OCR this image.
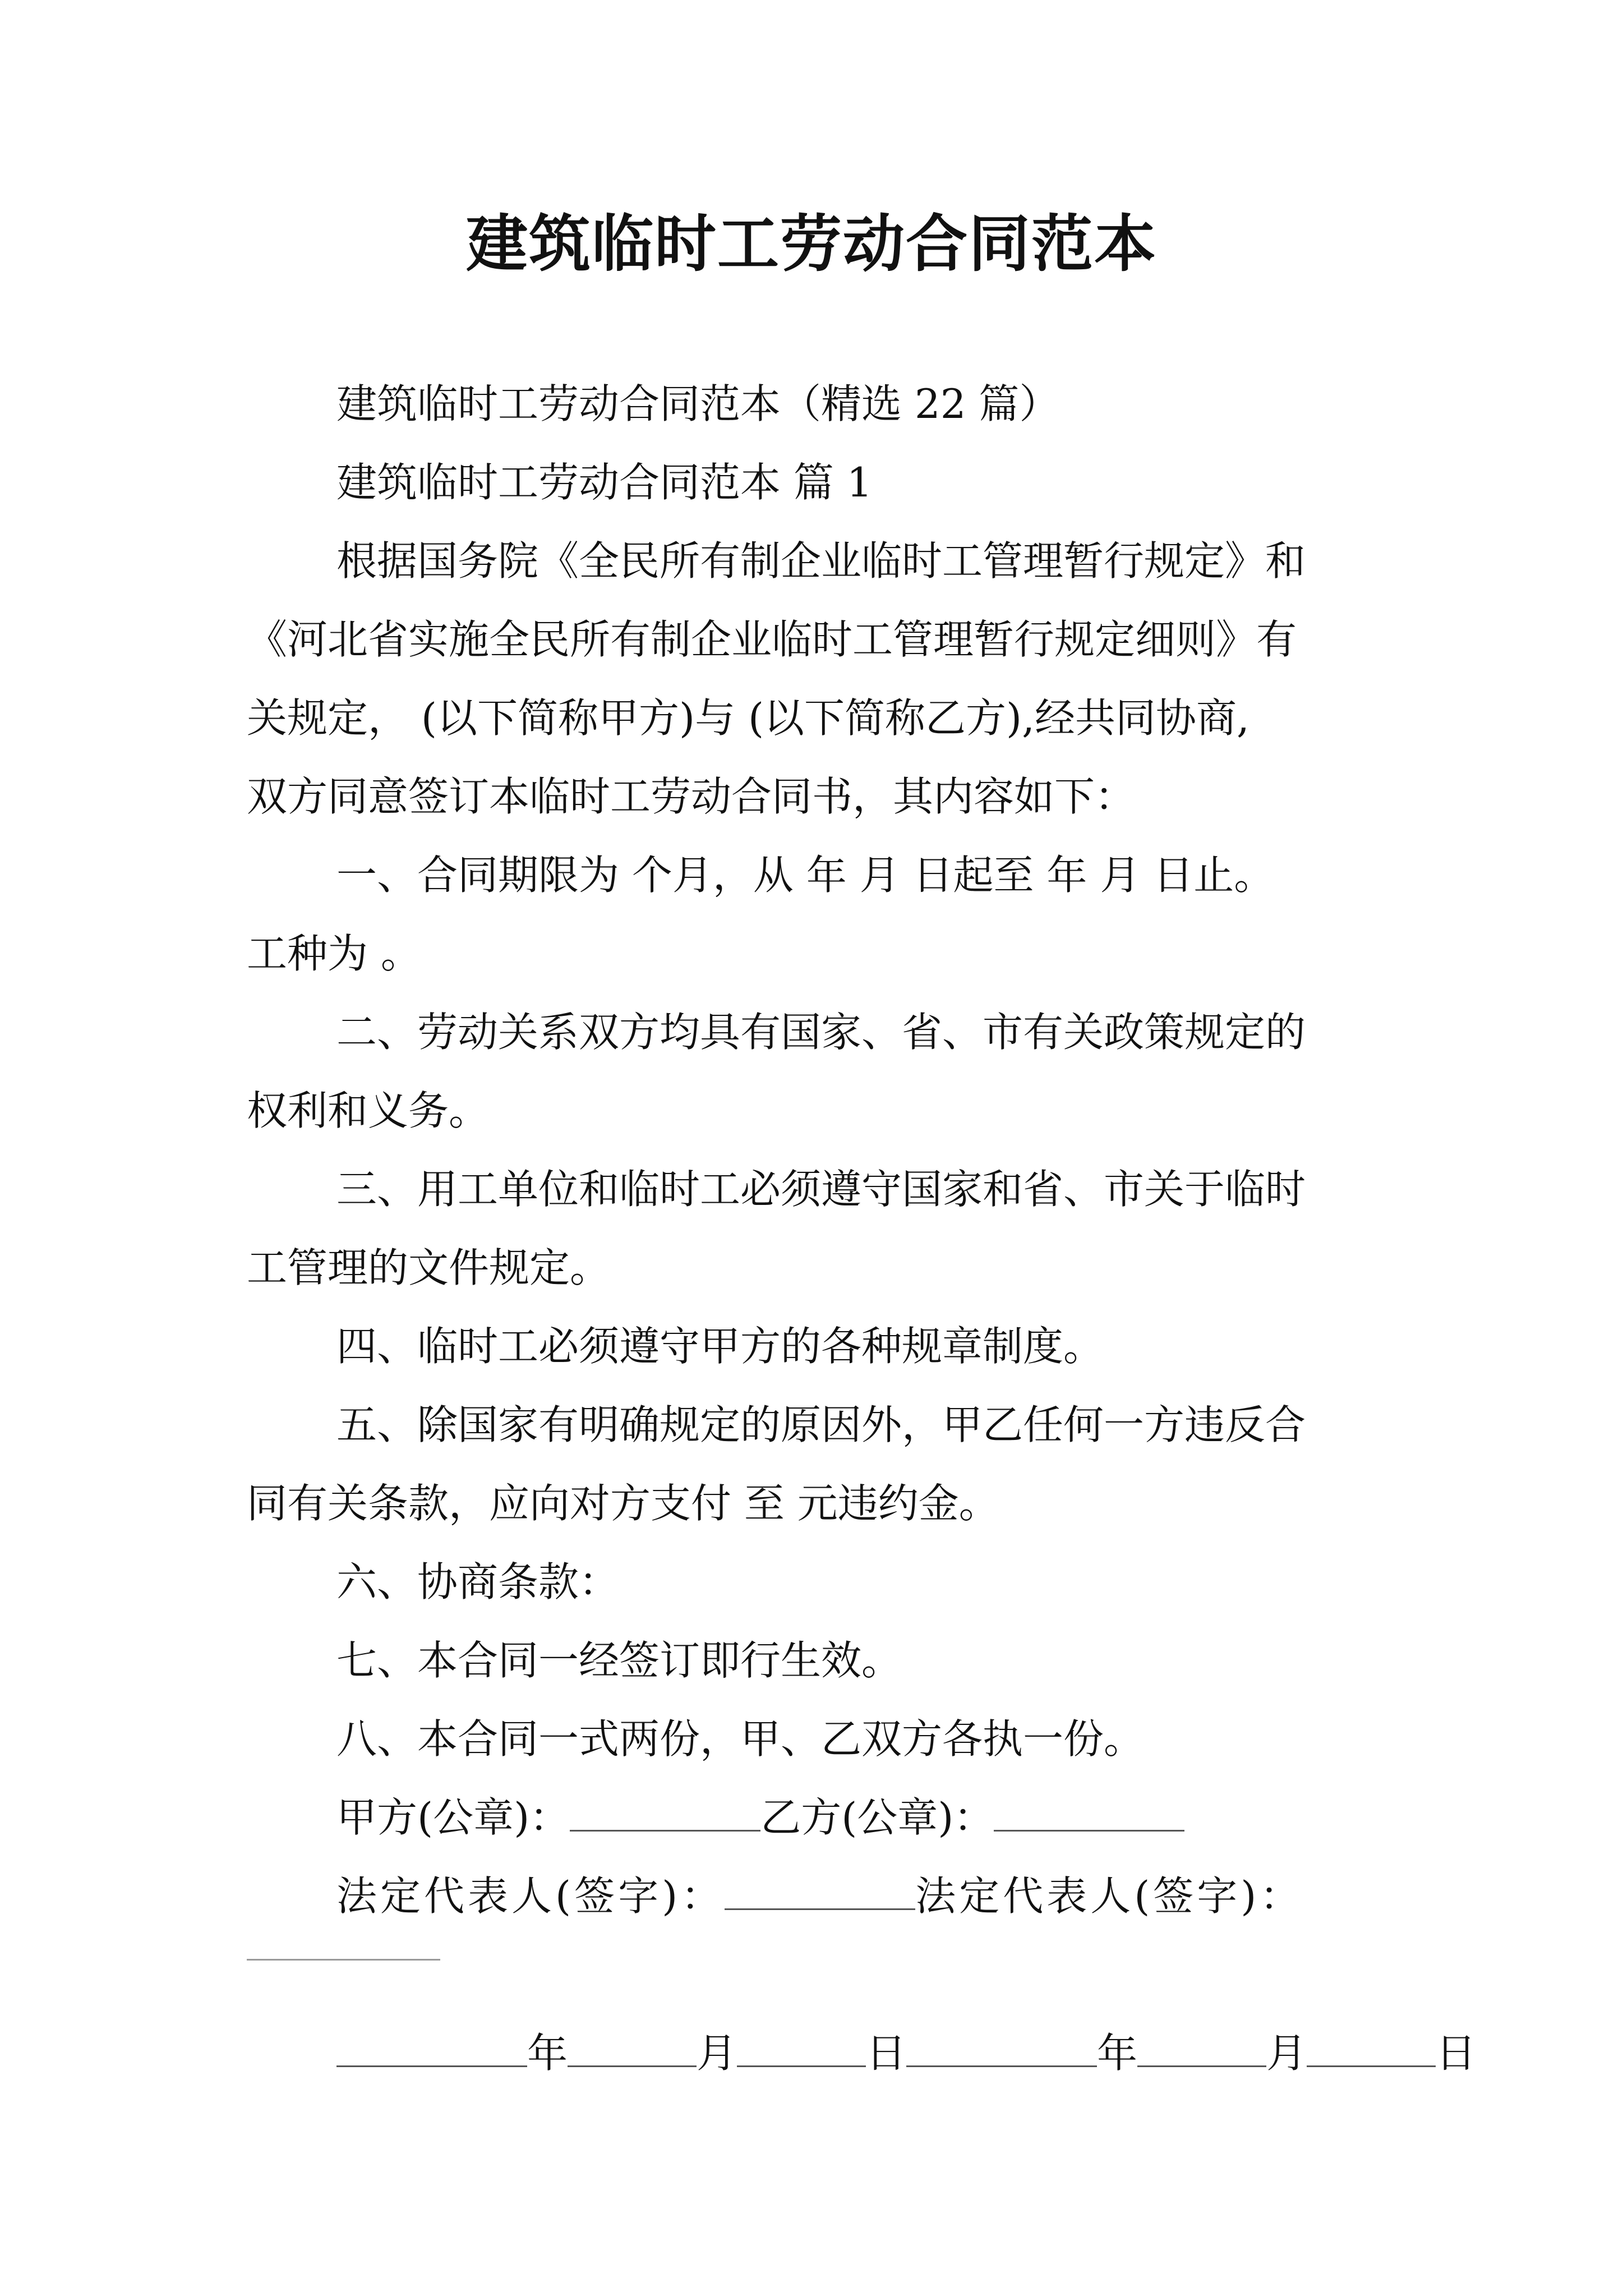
建筑临时工劳动合同范本
建筑临时工劳动合同范本（精选 22 篇）
建筑临时工劳动合同范本 篇 1
根据国务院《全民所有制企业临时工管理暂行规定》和
《河北省实施全民所有制企业临时工管理暂行规定细则》有
关规定， (以下简称甲方)与 (以下简称乙方),经共同协商,
双方同意签订本临时工劳动合同书，其内容如下：
一、合同期限为 个月，从 年 月 日起至 年 月 日止。
工种为 。
二、劳动关系双方均具有国家、省、市有关政策规定的
权利和义务。
三、用工单位和临时工必须遵守国家和省、市关于临时
工管理的文件规定。
四、临时工必须遵守甲方的各种规章制度。
五、除国家有明确规定的原因外，甲乙任何一方违反合
同有关条款，应向对方支付 至 元违约金。
六、协商条款：
七、本合同一经签订即行生效。
八、本合同一式两份，甲、乙双方各执一份。
甲方(公章)：	乙方(公章)：
法定代表人(签字)：	法定代表人(签字)：
年	月	日	年	月	日
